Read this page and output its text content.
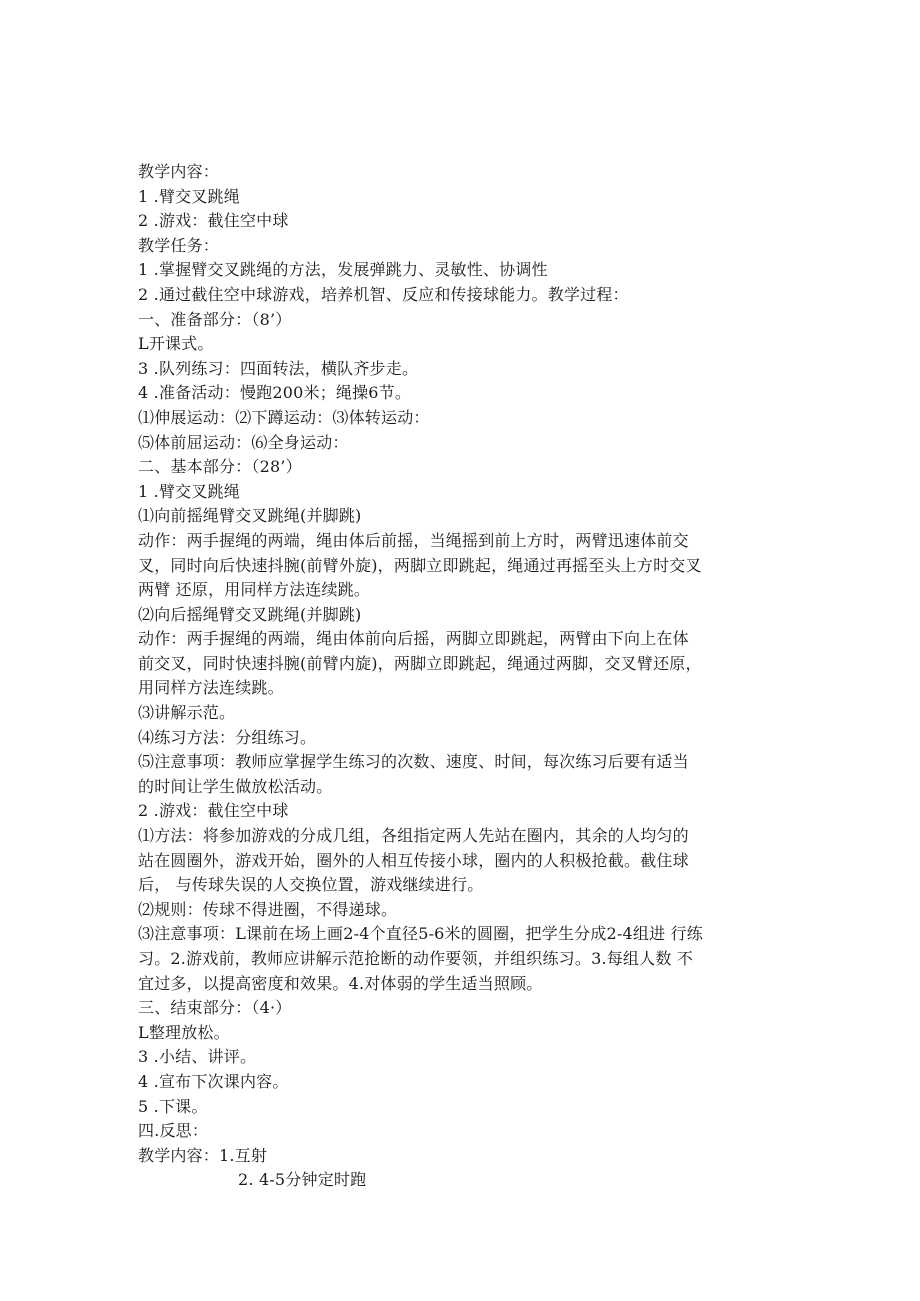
教学内容：
1 .臂交叉跳绳
2 .游戏：截住空中球
教学任务：
1 .掌握臂交叉跳绳的方法，发展弹跳力、灵敏性、协调性
2 .通过截住空中球游戏，培养机智、反应和传接球能力。教学过程：
一、准备部分：（8’）
L开课式。
3 .队列练习：四面转法，横队齐步走。
4 .准备活动：慢跑200米；绳操6节。
⑴伸展运动：⑵下蹲运动：⑶体转运动：
⑸体前屈运动：⑹全身运动：
二、基本部分：（28’）
1 .臂交叉跳绳
⑴向前摇绳臂交叉跳绳(并脚跳)
动作：两手握绳的两端，绳由体后前摇，当绳摇到前上方时，两臂迅速体前交
叉，同时向后快速抖腕(前臂外旋)，两脚立即跳起，绳通过再摇至头上方时交叉
两臂 还原，用同样方法连续跳。
⑵向后摇绳臂交叉跳绳(并脚跳)
动作：两手握绳的两端，绳由体前向后摇，两脚立即跳起，两臂由下向上在体
前交叉，同时快速抖腕(前臂内旋)，两脚立即跳起，绳通过两脚，交叉臂还原，
用同样方法连续跳。
⑶讲解示范。
⑷练习方法：分组练习。
⑸注意事项：教师应掌握学生练习的次数、速度、时间，每次练习后要有适当
的时间让学生做放松活动。
2 .游戏：截住空中球
⑴方法：将参加游戏的分成几组，各组指定两人先站在圈内，其余的人均匀的
站在圆圈外，游戏开始，圈外的人相互传接小球，圈内的人积极抢截。截住球
后， 与传球失误的人交换位置，游戏继续进行。
⑵规则：传球不得进圈，不得递球。
⑶注意事项：L课前在场上画2-4个直径5-6米的圆圈，把学生分成2-4组进 行练
习。2.游戏前，教师应讲解示范抢断的动作要领，并组织练习。3.每组人数 不
宜过多，以提高密度和效果。4.对体弱的学生适当照顾。
三、结束部分：（4·）
L整理放松。
3 .小结、讲评。
4 .宣布下次课内容。
5 .下课。
四.反思：
教学内容：1.互射
2. 4-5分钟定时跑
